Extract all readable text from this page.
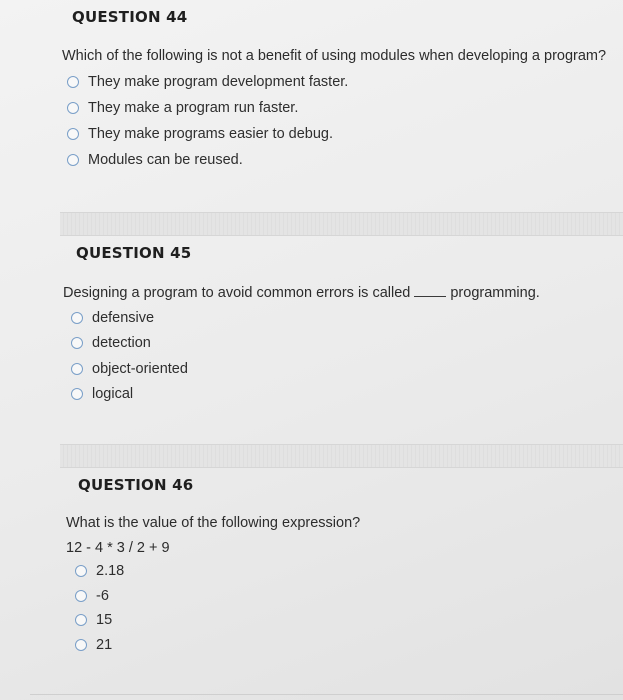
QUESTION 44
Which of the following is not a benefit of using modules when developing a program?
They make program development faster.
They make a program run faster.
They make programs easier to debug.
Modules can be reused.
QUESTION 45
Designing a program to avoid common errors is called	programming.
defensive
detection
object-oriented
logical
QUESTION 46
What is the value of the following expression?
12 - 4 * 3 / 2 + 9
2.18
-6
15
21
